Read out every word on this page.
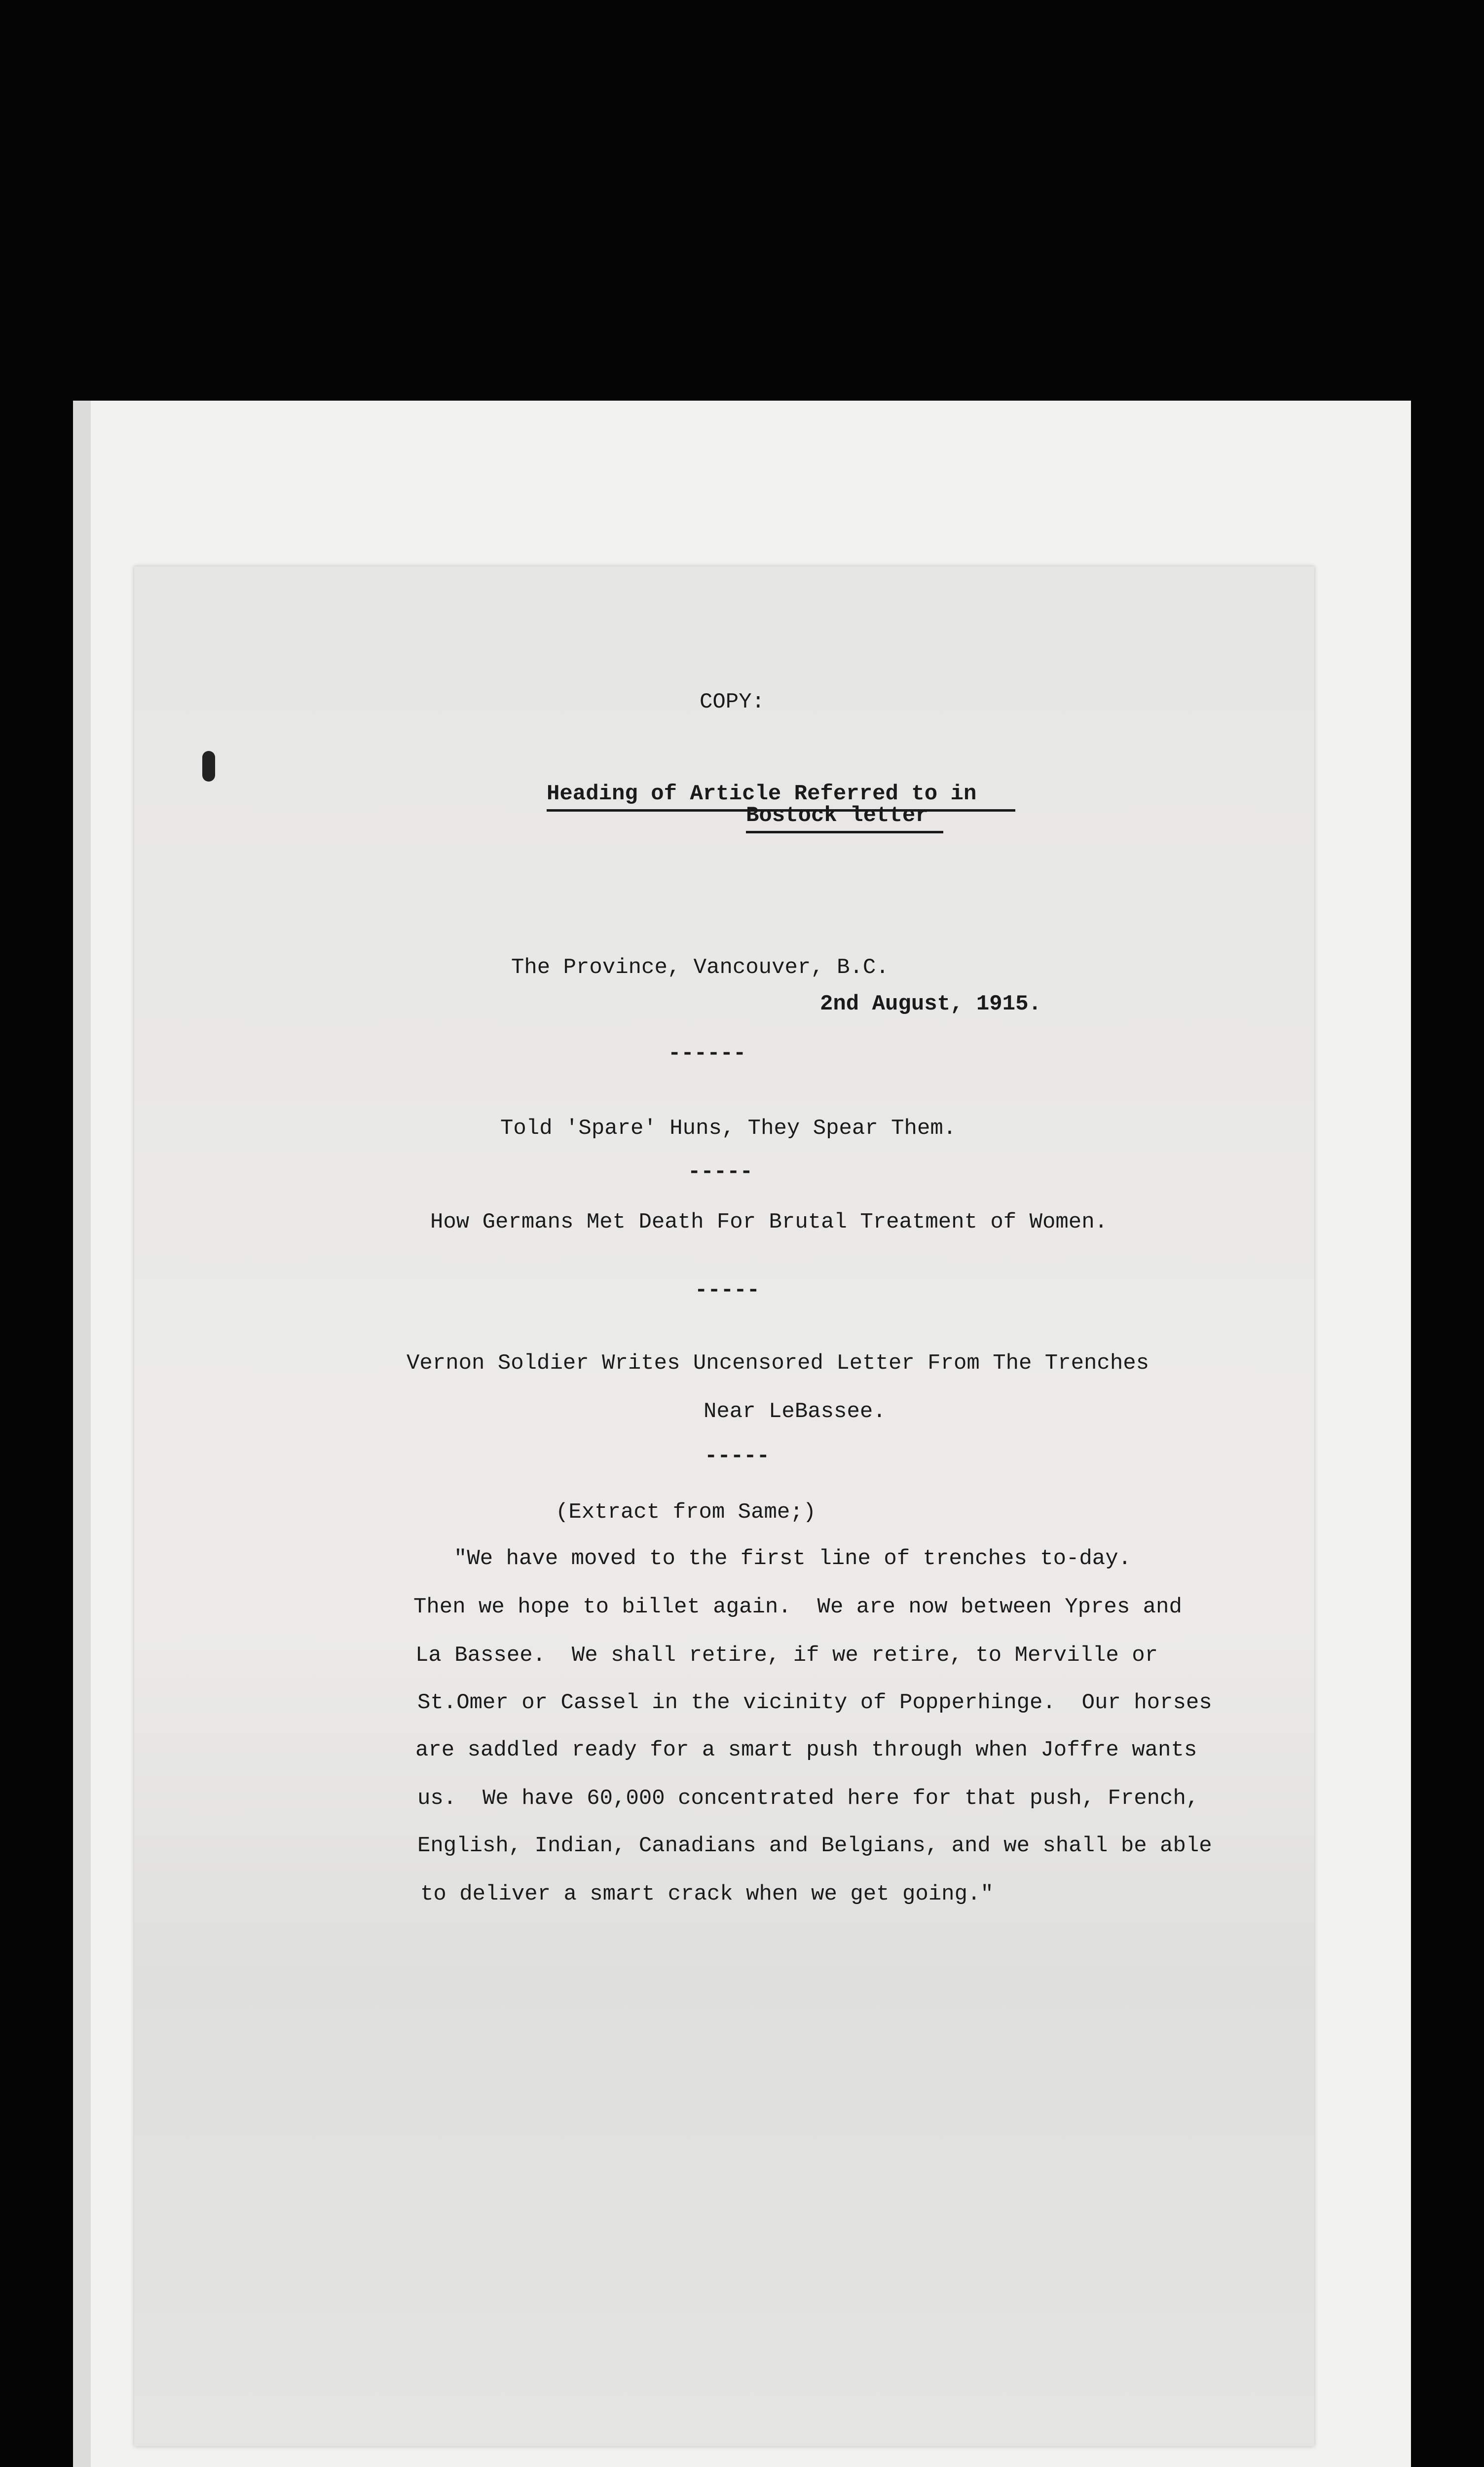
COPY:
Heading of Article Referred to in
Bostock letter
The Province, Vancouver, B.C.
2nd August, 1915.
------
Told 'Spare' Huns, They Spear Them.
-----
How Germans Met Death For Brutal Treatment of Women.
-----
Vernon Soldier Writes Uncensored Letter From The Trenches
Near LeBassee.
-----
(Extract from Same;)
"We have moved to the first line of trenches to-day.
Then we hope to billet again.  We are now between Ypres and
La Bassee.  We shall retire, if we retire, to Merville or
St.Omer or Cassel in the vicinity of Popperhinge.  Our horses
are saddled ready for a smart push through when Joffre wants
us.  We have 60,000 concentrated here for that push, French,
English, Indian, Canadians and Belgians, and we shall be able
to deliver a smart crack when we get going."
